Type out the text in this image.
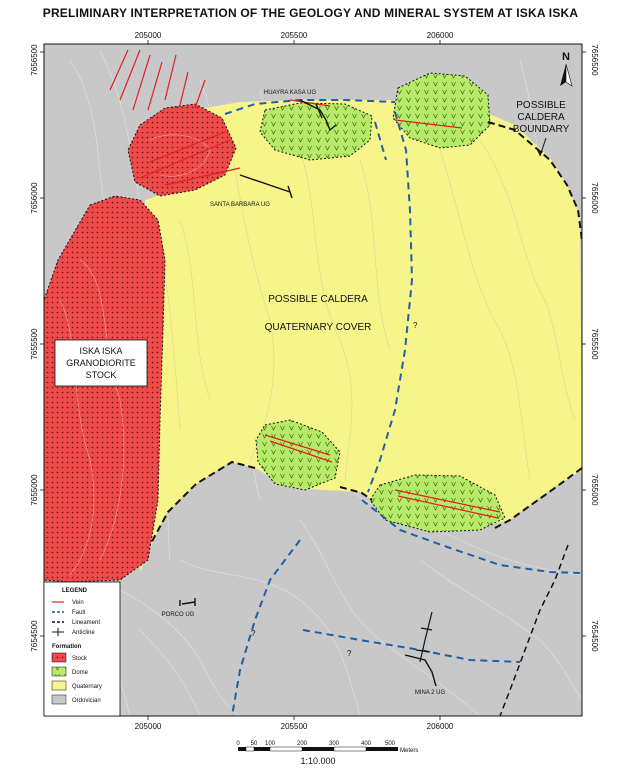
PRELIMINARY INTERPRETATION OF THE GEOLOGY AND MINERAL SYSTEM AT ISKA ISKA
205000	205500	206000
205000	205500	206000
7656500
7656000
7655500
7655000
7654500
7656500
7656000
7655500
7655000
7654500
POSSIBLE
CALDERA
BOUNDARY
POSSIBLE CALDERA
QUATERNARY COVER
ISKA ISKA
GRANODIORITE
STOCK
HUAYRA KASA UG
SANTA BARBARA UG
PORCO UG
MINA 2 UG
?
?
?
N
LEGEND
Vein
Fault
Lineament
Anticline
Formation
Stock
Dome
Quaternary
Ordovician
0 50 100	200	300	400 500
Meters
1:10.000
